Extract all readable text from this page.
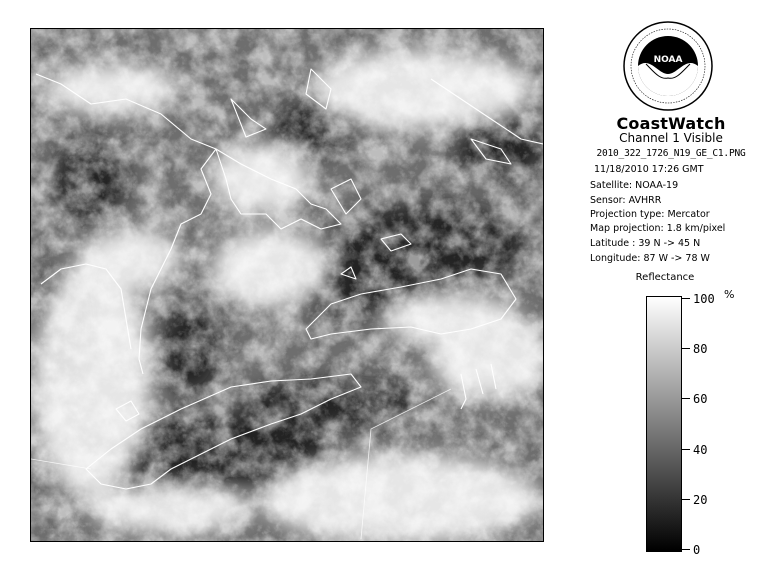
NOAA
CoastWatch
Channel 1 Visible
2010_322_1726_N19_GE_C1.PNG
11/18/2010 17:26 GMT
Satellite: NOAA-19
Sensor: AVHRR
Projection type: Mercator
Map projection: 1.8 km/pixel
Latitude : 39 N -> 45 N
Longitude: 87 W -> 78 W
Reflectance
%
100
80
60
40
20
0
